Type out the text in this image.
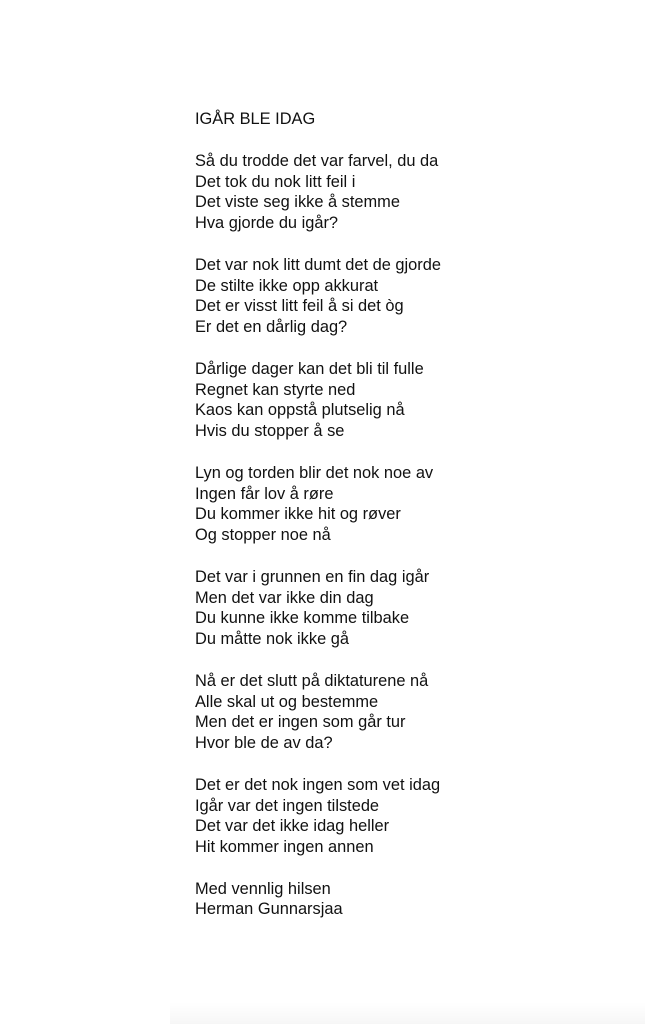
IGÅR BLE IDAG
Så du trodde det var farvel, du da
Det tok du nok litt feil i
Det viste seg ikke å stemme
Hva gjorde du igår?
Det var nok litt dumt det de gjorde
De stilte ikke opp akkurat
Det er visst litt feil å si det òg
Er det en dårlig dag?
Dårlige dager kan det bli til fulle
Regnet kan styrte ned
Kaos kan oppstå plutselig nå
Hvis du stopper å se
Lyn og torden blir det nok noe av
Ingen får lov å røre
Du kommer ikke hit og røver
Og stopper noe nå
Det var i grunnen en fin dag igår
Men det var ikke din dag
Du kunne ikke komme tilbake
Du måtte nok ikke gå
Nå er det slutt på diktaturene nå
Alle skal ut og bestemme
Men det er ingen som går tur
Hvor ble de av da?
Det er det nok ingen som vet idag
Igår var det ingen tilstede
Det var det ikke idag heller
Hit kommer ingen annen
Med vennlig hilsen
Herman Gunnarsjaa
